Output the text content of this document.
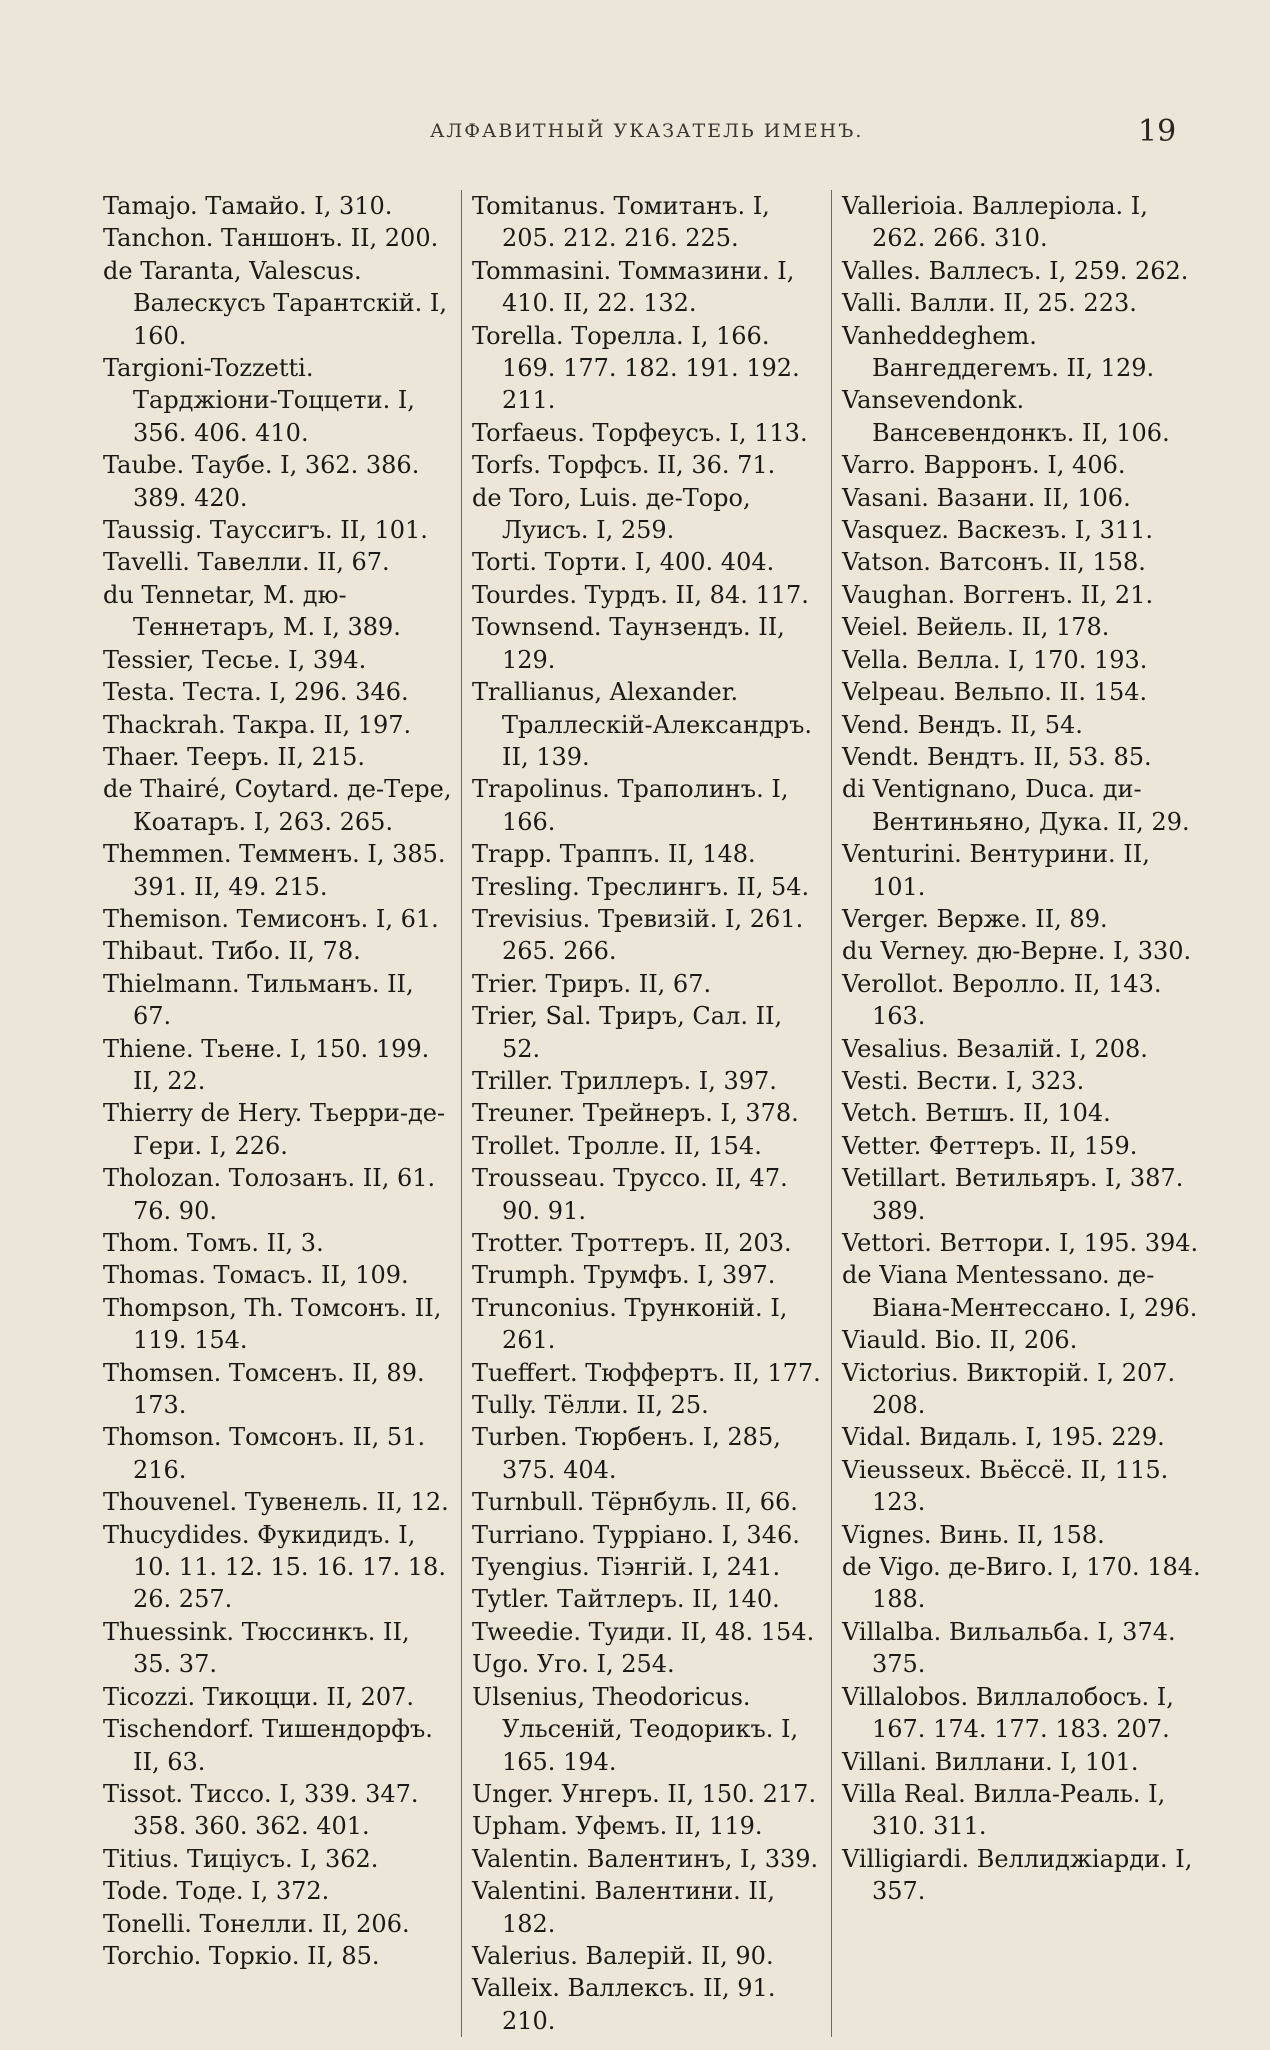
АЛФАВИТНЫЙ УКАЗАТЕЛЬ ИМЕНЪ.	19
Tamajo. Тамайо. I, 310.
Tanchon. Таншонъ. II, 200.
de Taranta, Valescus. Валескусъ Тарантскій. I, 160.
Targioni-Tozzetti. Тарджіони-Тоццети. I, 356. 406. 410.
Taube. Таубе. I, 362. 386. 389. 420.
Taussig. Тауссигъ. II, 101.
Tavelli. Тавелли. II, 67.
du Tennetar, M. дю-Теннетаръ, M. I, 389.
Tessier, Тесье. I, 394.
Testa. Теста. I, 296. 346.
Thackrah. Такра. II, 197.
Thaer. Тееръ. II, 215.
de Thairé, Coytard. де-Тере, Коатаръ. I, 263. 265.
Themmen. Темменъ. I, 385. 391. II, 49. 215.
Themison. Темисонъ. I, 61.
Thibaut. Тибо. II, 78.
Thielmann. Тильманъ. II, 67.
Thiene. Тьене. I, 150. 199. II, 22.
Thierry de Hery. Тьерри-де-Гери. I, 226.
Tholozan. Толозанъ. II, 61. 76. 90.
Thom. Томъ. II, 3.
Thomas. Томасъ. II, 109.
Thompson, Th. Томсонъ. II, 119. 154.
Thomsen. Томсенъ. II, 89. 173.
Thomson. Томсонъ. II, 51. 216.
Thouvenel. Тувенель. II, 12.
Thucydides. Фукидидъ. I, 10. 11. 12. 15. 16. 17. 18. 26. 257.
Thuessink. Тюссинкъ. II, 35. 37.
Ticozzi. Тикоцци. II, 207.
Tischendorf. Тишендорфъ. II, 63.
Tissot. Тиссо. I, 339. 347. 358. 360. 362. 401.
Titius. Тиціусъ. I, 362.
Tode. Тоде. I, 372.
Tonelli. Тонелли. II, 206.
Torchio. Торкіо. II, 85.
Tomitanus. Томитанъ. I, 205. 212. 216. 225.
Tommasini. Томмазини. I, 410. II, 22. 132.
Torella. Торелла. I, 166. 169. 177. 182. 191. 192. 211.
Torfaeus. Торфеусъ. I, 113.
Torfs. Торфсъ. II, 36. 71.
de Toro, Luis. де-Торо, Луисъ. I, 259.
Torti. Торти. I, 400. 404.
Tourdes. Турдъ. II, 84. 117.
Townsend. Таунзендъ. II, 129.
Trallianus, Alexander. Траллескій-Александръ. II, 139.
Trapolinus. Траполинъ. I, 166.
Trapp. Траппъ. II, 148.
Tresling. Треслингъ. II, 54.
Trevisius. Тревизій. I, 261. 265. 266.
Trier. Триръ. II, 67.
Trier, Sal. Триръ, Сал. II, 52.
Triller. Триллеръ. I, 397.
Treuner. Трейнеръ. I, 378.
Trollet. Тролле. II, 154.
Trousseau. Труссо. II, 47. 90. 91.
Trotter. Троттеръ. II, 203.
Trumph. Трумфъ. I, 397.
Trunconius. Трунконій. I, 261.
Tueffert. Тюффертъ. II, 177.
Tully. Тёлли. II, 25.
Turben. Тюрбенъ. I, 285, 375. 404.
Turnbull. Тёрнбуль. II, 66.
Turriano. Турріано. I, 346.
Tyengius. Тіэнгій. I, 241.
Tytler. Тайтлеръ. II, 140.
Tweedie. Туиди. II, 48. 154.
Ugo. Уго. I, 254.
Ulsenius, Theodoricus. Ульсеній, Теодорикъ. I, 165. 194.
Unger. Унгеръ. II, 150. 217.
Upham. Уфемъ. II, 119.
Valentin. Валентинъ, I, 339.
Valentini. Валентини. II, 182.
Valerius. Валерій. II, 90.
Valleix. Валлексъ. II, 91. 210.
Vallerioia. Валлеріола. I, 262. 266. 310.
Valles. Валлесъ. I, 259. 262.
Valli. Валли. II, 25. 223.
Vanheddeghem. Вангеддегемъ. II, 129.
Vansevendonk. Вансевендонкъ. II, 106.
Varro. Варронъ. I, 406.
Vasani. Вазани. II, 106.
Vasquez. Васкезъ. I, 311.
Vatson. Ватсонъ. II, 158.
Vaughan. Воггенъ. II, 21.
Veiel. Вейель. II, 178.
Vella. Велла. I, 170. 193.
Velpeau. Вельпо. II. 154.
Vend. Вендъ. II, 54.
Vendt. Вендтъ. II, 53. 85.
di Ventignano, Duca. ди-Вентиньяно, Дука. II, 29.
Venturini. Вентурини. II, 101.
Verger. Верже. II, 89.
du Verney. дю-Верне. I, 330.
Verollot. Веролло. II, 143. 163.
Vesalius. Везалій. I, 208.
Vesti. Вести. I, 323.
Vetch. Ветшъ. II, 104.
Vetter. Феттеръ. II, 159.
Vetillart. Ветильяръ. I, 387. 389.
Vettori. Веттори. I, 195. 394.
de Viana Mentessano. де-Віана-Ментессано. I, 296.
Viauld. Віо. II, 206.
Victorius. Викторій. I, 207. 208.
Vidal. Видаль. I, 195. 229.
Vieusseux. Вьёссё. II, 115. 123.
Vignes. Винь. II, 158.
de Vigo. де-Виго. I, 170. 184. 188.
Villalba. Вильальба. I, 374. 375.
Villalobos. Виллалобосъ. I, 167. 174. 177. 183. 207.
Villani. Виллани. I, 101.
Villa Real. Вилла-Реаль. I, 310. 311.
Villigiardi. Веллиджіарди. I, 357.
